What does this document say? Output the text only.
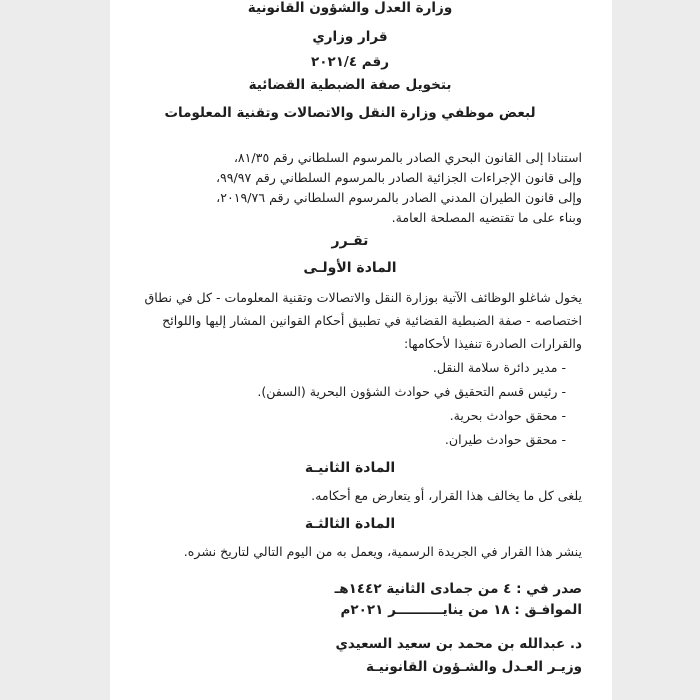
وزارة العدل والشؤون القانونية
قرار وزاري
رقم ٢٠٢١/٤
بتخويل صفة الضبطية القضائية
لبعض موظفي وزارة النقل والاتصالات وتقنية المعلومات
استنادا إلى القانون البحري الصادر بالمرسوم السلطاني رقم ٨١/٣٥،
وإلى قانون الإجراءات الجزائية الصادر بالمرسوم السلطاني رقم ٩٩/٩٧،
وإلى قانون الطيران المدني الصادر بالمرسوم السلطاني رقم ٢٠١٩/٧٦،
وبناء على ما تقتضيه المصلحة العامة.
تقـرر
المادة الأولـى
يخول شاغلو الوظائف الآتية بوزارة النقل والاتصالات وتقنية المعلومات - كل في نطاق
اختصاصه - صفة الضبطية القضائية في تطبيق أحكام القوانين المشار إليها واللوائح
والقرارات الصادرة تنفيذا لأحكامها:
- مدير دائرة سلامة النقل.
- رئيس قسم التحقيق في حوادث الشؤون البحرية (السفن).
- محقق حوادث بحرية.
- محقق حوادث طيران.
المادة الثانيـة
يلغى كل ما يخالف هذا القرار، أو يتعارض مع أحكامه.
المادة الثالثـة
ينشر هذا القرار في الجريدة الرسمية، ويعمل به من اليوم التالي لتاريخ نشره.
صدر في : ٤ من جمادى الثانية ١٤٤٢هـ
الموافـق : ١٨ من ينايــــــــــر ٢٠٢١م
د. عبدالله بن محمد بن سعيد السعيدي
وزيـر العـدل والشـؤون القانونيـة
